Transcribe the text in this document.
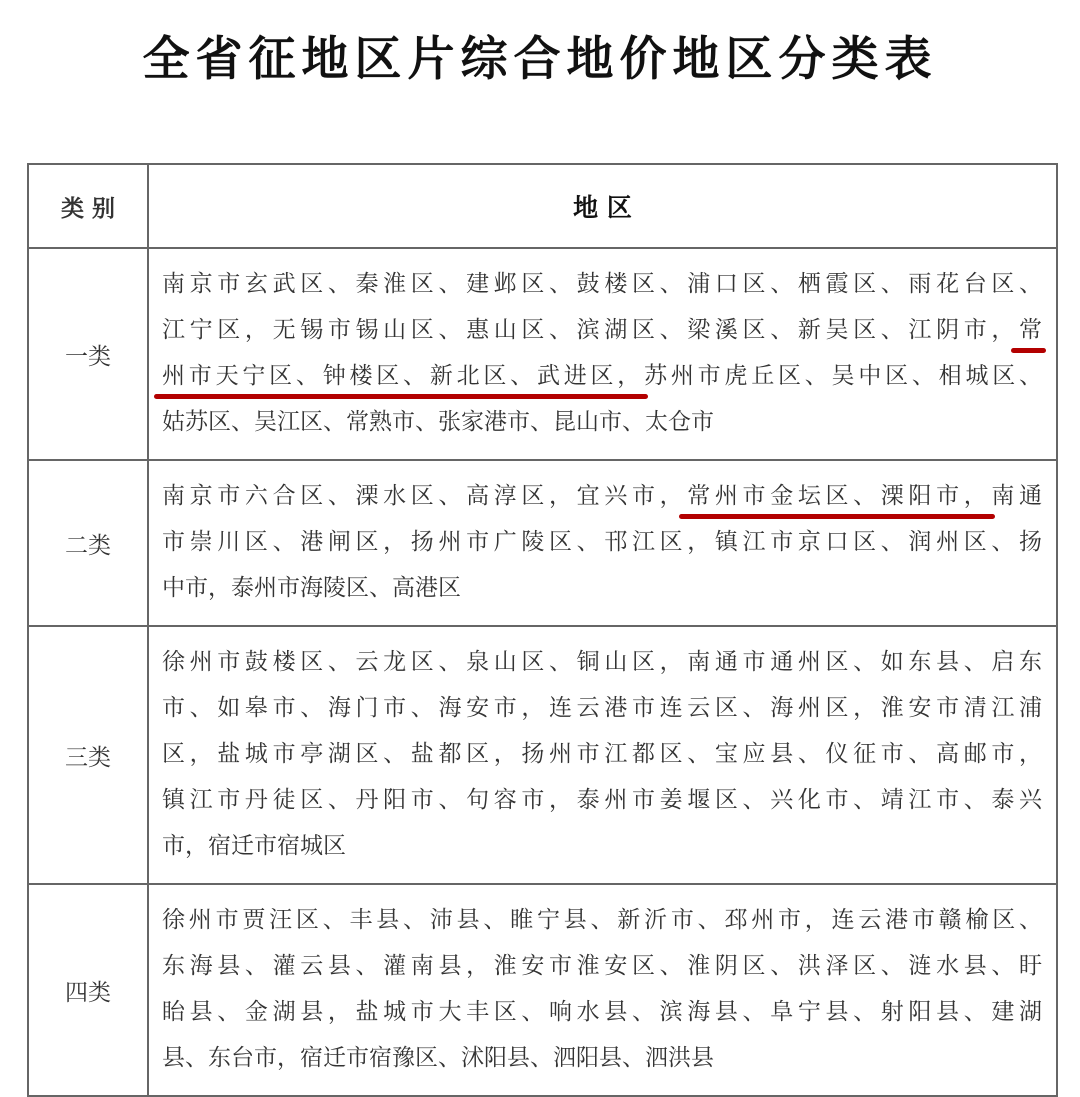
全省征地区片综合地价地区分类表
类 别	地 区
一类	南京市玄武区、秦淮区、建邺区、鼓楼区、浦口区、栖霞区、雨花台区、
江宁区，无锡市锡山区、惠山区、滨湖区、梁溪区、新吴区、江阴市，常
州市天宁区、钟楼区、新北区、武进区，苏州市虎丘区、吴中区、相城区、
姑苏区、吴江区、常熟市、张家港市、昆山市、太仓市

二类	南京市六合区、溧水区、高淳区，宜兴市，常州市金坛区、溧阳市，南通
市崇川区、港闸区，扬州市广陵区、邗江区，镇江市京口区、润州区、扬
中市，泰州市海陵区、高港区

三类	徐州市鼓楼区、云龙区、泉山区、铜山区，南通市通州区、如东县、启东
市、如皋市、海门市、海安市，连云港市连云区、海州区，淮安市清江浦
区，盐城市亭湖区、盐都区，扬州市江都区、宝应县、仪征市、高邮市，
镇江市丹徒区、丹阳市、句容市，泰州市姜堰区、兴化市、靖江市、泰兴
市，宿迁市宿城区

四类	徐州市贾汪区、丰县、沛县、睢宁县、新沂市、邳州市，连云港市赣榆区、
东海县、灌云县、灌南县，淮安市淮安区、淮阴区、洪泽区、涟水县、盱
眙县、金湖县，盐城市大丰区、响水县、滨海县、阜宁县、射阳县、建湖
县、东台市，宿迁市宿豫区、沭阳县、泗阳县、泗洪县
